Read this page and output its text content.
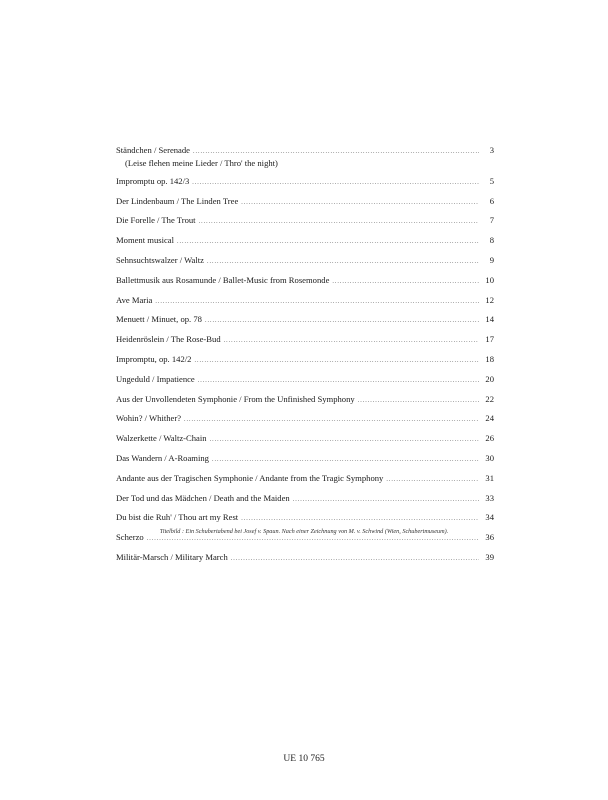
Ständchen / Serenade .....	3
(Leise flehen meine Lieder / Thro' the night)
Impromptu op. 142/3 .....	5
Der Lindenbaum / The Linden Tree .....	6
Die Forelle / The Trout .....	7
Moment musical .....	8
Sehnsuchtswalzer / Waltz .....	9
Ballettmusik aus Rosamunde / Ballet-Music from Rosemonde .....	10
Ave Maria .....	12
Menuett / Minuet, op. 78 .....	14
Heidenröslein / The Rose-Bud .....	17
Impromptu, op. 142/2 .....	18
Ungeduld / Impatience .....	20
Aus der Unvollendeten Symphonie / From the Unfinished Symphony .....	22
Wohin? / Whither? .....	24
Walzerkette / Waltz-Chain .....	26
Das Wandern / A-Roaming .....	30
Andante aus der Tragischen Symphonie / Andante from the Tragic Symphony .....	31
Der Tod und das Mädchen / Death and the Maiden .....	33
Du bist die Ruh' / Thou art my Rest .....	34
Scherzo .....	36
Militär-Marsch / Military March .....	39
Titelbild : Ein Schubertabend bei Josef v. Spaun. Nach einer Zeichnung von M. v. Schwind (Wien, Schubertmuseum).
UE 10 765
